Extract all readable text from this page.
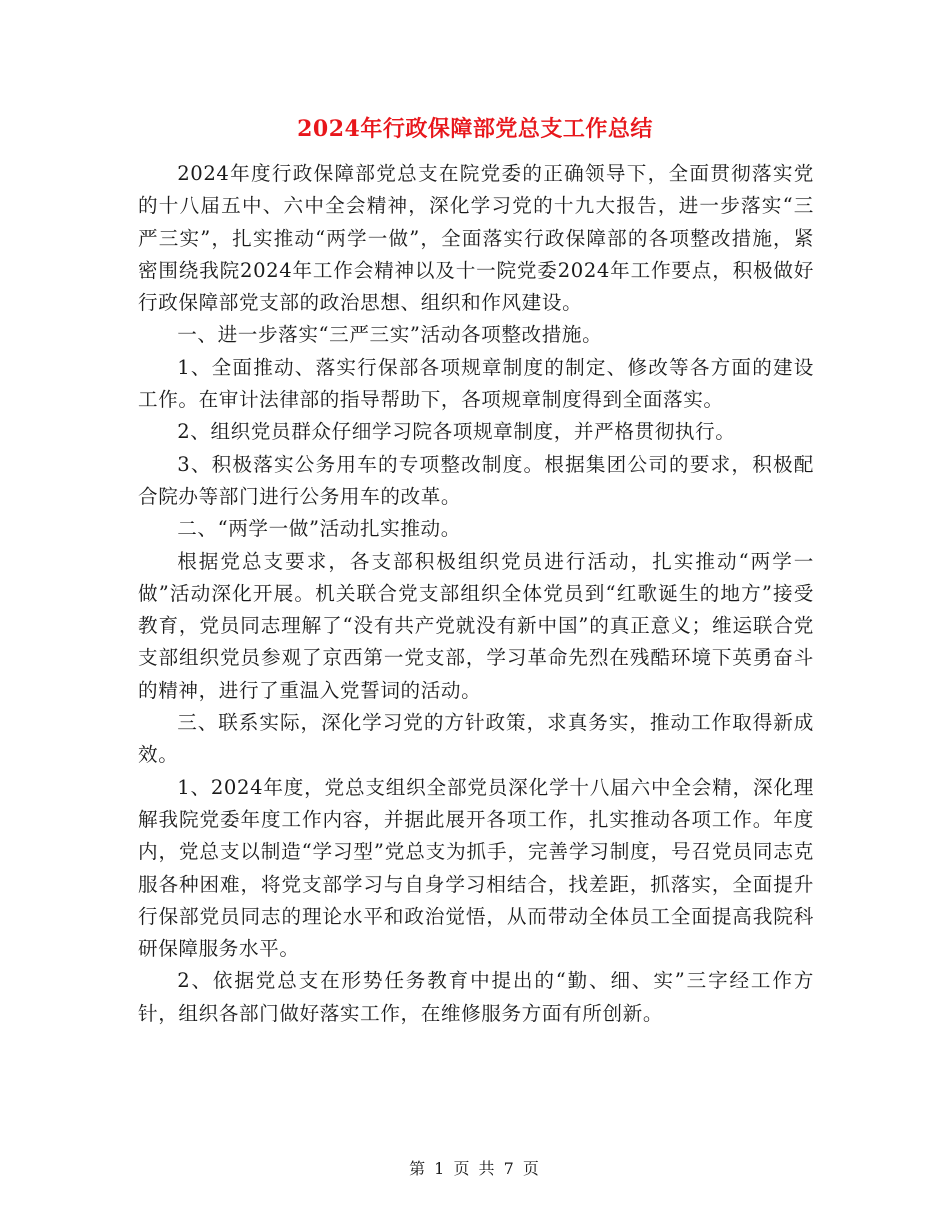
2024年行政保障部党总支工作总结

2024年度行政保障部党总支在院党委的正确领导下，全面贯彻落实党的十八届五中、六中全会精神，深化学习党的十九大报告，进一步落实“三严三实”，扎实推动“两学一做”，全面落实行政保障部的各项整改措施，紧密围绕我院2024年工作会精神以及十一院党委2024年工作要点，积极做好行政保障部党支部的政治思想、组织和作风建设。

一、进一步落实“三严三实”活动各项整改措施。

1、全面推动、落实行保部各项规章制度的制定、修改等各方面的建设工作。在审计法律部的指导帮助下，各项规章制度得到全面落实。

2、组织党员群众仔细学习院各项规章制度，并严格贯彻执行。

3、积极落实公务用车的专项整改制度。根据集团公司的要求，积极配合院办等部门进行公务用车的改革。

二、“两学一做”活动扎实推动。

根据党总支要求，各支部积极组织党员进行活动，扎实推动“两学一做”活动深化开展。机关联合党支部组织全体党员到“红歌诞生的地方”接受教育，党员同志理解了“没有共产党就没有新中国”的真正意义；维运联合党支部组织党员参观了京西第一党支部，学习革命先烈在残酷环境下英勇奋斗的精神，进行了重温入党誓词的活动。

三、联系实际，深化学习党的方针政策，求真务实，推动工作取得新成效。

1、2024年度，党总支组织全部党员深化学十八届六中全会精，深化理解我院党委年度工作内容，并据此展开各项工作，扎实推动各项工作。年度内，党总支以制造“学习型”党总支为抓手，完善学习制度，号召党员同志克服各种困难，将党支部学习与自身学习相结合，找差距，抓落实，全面提升行保部党员同志的理论水平和政治觉悟，从而带动全体员工全面提高我院科研保障服务水平。

2、依据党总支在形势任务教育中提出的“勤、细、实”三字经工作方针，组织各部门做好落实工作，在维修服务方面有所创新。

第 1 页 共 7 页
